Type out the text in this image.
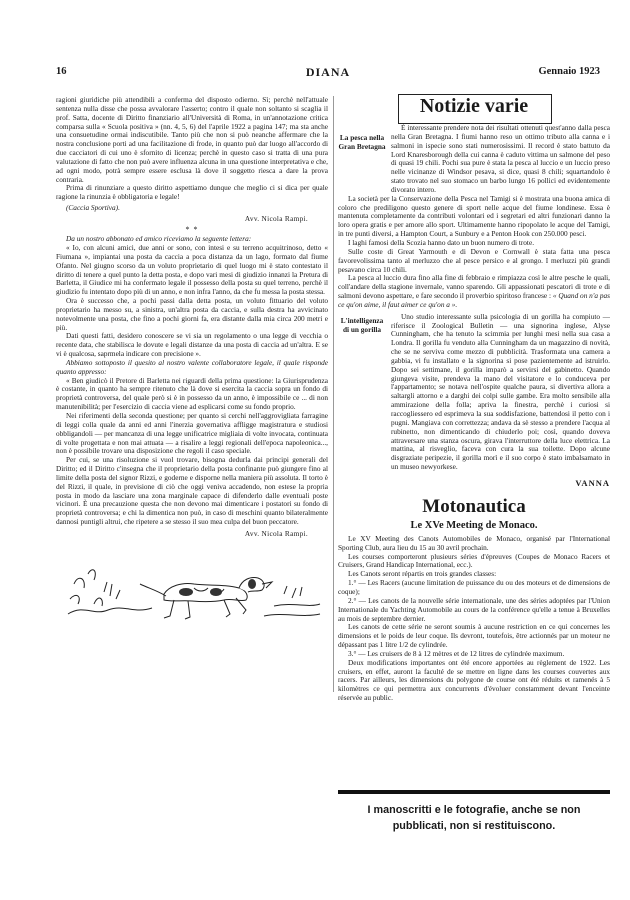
16	DIANA	Gennaio 1923

ragioni giuridiche più attendibili a conferma del disposto odierno. Sì; perchè nell'attuale sentenza nulla disse che possa avvalorare l'asserto; contro il quale non soltanto si scaglia il prof. Satta, docente di Diritto finanziario all'Università di Roma, in un'annotazione critica comparsa sulla « Scuola positiva » (nn. 4, 5, 6) del l'aprile 1922 a pagina 147; ma sta anche una consuetudine ormai indiscutibile. Tanto più che non si può neanche affermare che la nostra conclusione porti ad una facilitazione di frode, in quanto può dar luogo all'accordo di due cacciatori di cui uno è sfornito di licenza; perchè in questo caso si tratta di una pura valutazione di fatto che non può avere influenza alcuna in una questione interpretativa e che, ad ogni modo, potrà sempre essere esclusa là dove il soggetto riesca a dare la prova contraria.

Prima di rinunziare a questo diritto aspettiamo dunque che meglio ci si dica per quale ragione la rinunzia è obbligatoria e legale!

(Caccia Sportiva).
Avv. Nicola Rampi.
* *

Da un nostro abbonato ed amico riceviamo la seguente lettera:

« Io, con alcuni amici, due anni or sono, con intesi e su terreno acquitrinoso, detto « Fiumana », impiantai una posta da caccia a poca distanza da un lago, formato dal fiume Ofanto. Nel giugno scorso da un voluto proprietario di quel luogo mi è stato contestato il diritto di tenere a quel punto la detta posta, e dopo vari mesi di giudizio innanzi la Pretura di Barletta, il Giudice mi ha confermato legale il possesso della posta su quel terreno, perchè il giudizio fu intentato dopo più di un anno, e non infra l'anno, da che fu messa la posta stessa.

Ora è successo che, a pochi passi dalla detta posta, un voluto fittuario del voluto proprietario ha messo su, a sinistra, un'altra posta da caccia, e sulla destra ha avvicinato notevolmente una posta, che fino a pochi giorni fa, era distante dalla mia circa 200 metri e più.

Dati questi fatti, desidero conoscere se vi sia un regolamento o una legge di vecchia o recente data, che stabilisca le dovute e legali distanze da una posta di caccia ad un'altra. E se vi è qualcosa, saprmela indicare con precisione ».

Abbiamo sottoposto il quesito al nostro valente collaboratore legale, il quale risponde quanto appresso:

« Ben giudicò il Pretore di Barletta nei riguardi della prima questione: la Giurisprudenza è costante, in quanto ha sempre ritenuto che là dove si esercita la caccia sopra un fondo di proprietà controversa, del quale però si è in possesso da un anno, è impossibile ce ... di non manutenibilità; per l'esercizio di caccia viene ad esplicarsi come su fondo proprio.

Nei riferimenti della seconda questione; per quanto si cerchi nell'aggrovigliata farragine di leggi colla quale da anni ed anni l'inerzia governativa affligge magistratura e studiosi obbligandoli — per mancanza di una legge unificatrice migliaia di volte invocata, continuata di volte progettata e non mai attuata — a risalire a leggi regionali dell'epoca napoleonica..., non è possibile trovare una disposizione che regoli il caso speciale.

Per cui, se una risoluzione si vuol trovare, bisogna dedurla dai principi generali del Diritto; ed il Diritto c'insegna che il proprietario della posta confinante può giungere fino al limite della posta del signor Rizzi, e goderne e disporne nella maniera più assoluta. Il torto è del Rizzi, il quale, in previsione di ciò che oggi veniva accadendo, non estese la propria posta in modo da lasciare una zona marginale capace di difenderlo dalle eventuali poste vicinori. È una precauzione questa che non devono mai dimenticare i postatori su fondo di proprietà controversa; e chi la dimentica non può, in caso di meschini quanto bilateralmente dannosi puntigli altrui, che ripetere a se stesso il suo mea culpa del buon peccatore.

Avv. Nicola Rampi.
Notizie varie
La pesca nella Gran Bretagna

È interessante prendere nota dei risultati ottenuti quest'anno dalla pesca nella Gran Bretagna. I fiumi hanno reso un ottimo tributo alla canna e i salmoni in ispecie sono stati numerosissimi. Il record è stato battuto da Lord Knaresborough della cui canna è caduto vittima un salmone del peso di quasi 19 chili. Pochi sua pure è stata la pesca al luccio e un luccio preso nelle vicinanze di Windsor pesava, si dice, quasi 8 chili; squartandolo è stato trovato nel suo stomaco un barbo lungo 16 pollici ed evidentemente divorato intero.

La società per la Conservazione della Pesca nel Tamigi si è mostrata una buona amica di coloro che prediligono questo genere di sport nelle acque del fiume londinese. Essa è mantenuta completamente da contributi volontari ed i segretari ed altri funzionari danno la loro opera gratis e per amore allo sport. Ultimamente hanno ripopolato le acque del Tamigi, in tre punti diversi, a Hampton Court, a Sunbury e a Penton Hook con 250.000 pesci.

I laghi famosi della Scozia hanno dato un buon numero di trote.

Sulle coste di Great Yarmouth e di Devon e Cornwall è stata fatta una pesca favorevolissima tanto al merluzzo che al pesce persico e al grongo. I merluzzi più grandi pesavano circa 10 chili.

La pesca al luccio dura fino alla fine di febbraio e rimpiazza così le altre pesche le quali, coll'andare della stagione invernale, vanno sparendo. Gli appassionati pescatori di trote e di salmoni devono aspettare, e fare secondo il proverbio spiritoso francese : « Quand on n'a pas ce qu'on aime, il faut aimer ce qu'on a ».

L'intelligenza di un gorilla

Uno studio interessante sulla psicologia di un gorilla ha compiuto — riferisce il Zoological Bulletin — una signorina inglese, Alyse Cunningham, che ha tenuto la scimmia per lunghi mesi nella sua casa a Londra. Il gorilla fu venduto alla Cunningham da un magazzino di novità, che se ne serviva come mezzo di pubblicità. Trasformata una camera a gabbia, vi fu installato e la signorina si pose pazientemente ad istruirlo. Dopo sei settimane, il gorilla imparò a servirsi del gabinetto. Quando giungeva visite, prendeva la mano del visitatore e lo conduceva per l'appartamento; se notava nell'ospite qualche paura, si divertiva allora a saltargli attorno e a darghi dei colpi sulle gambe. Era molto sensibile alla ammirazione della folla; apriva la finestra, perchè i curiosi si raccogliessero ed esprimeva la sua soddisfazione, battendosi il petto con i pugni. Mangiava con correttezza; andava da sè stesso a prendere l'acqua al rubinetto, non dimenticando di chiuderlo poi; così, quando doveva attraversare una stanza oscura, girava l'interruttore della luce elettrica. La mattina, al risveglio, faceva con cura la sua toilette. Dopo alcune disgraziate peripezie, il gorilla morì e il suo corpo è stato imbalsamato in un museo newyorkese.

VANNA
Motonautica
Le XVe Meeting de Monaco.

Le XV Meeting des Canots Automobiles de Monaco, organisé par l'International Sporting Club, aura lieu du 15 au 30 avril prochain.

Les courses comporteront plusieurs séries d'épreuves (Coupes de Monaco Racers et Cruisers, Grand Handicap International, ecc.).

Les Canots seront répartis en trois grandes classes:

1.° — Les Racers (aucune limitation de puissance du ou des moteurs et de dimensions de coque);

2.° — Les canots de la nouvelle série internationale, une des séries adoptées par l'Union Internationale du Yachting Automobile au cours de la conférence qu'elle a tenue à Bruxelles au mois de septembre dernier.

Les canots de cette série ne seront soumis à aucune restriction en ce qui concernes les dimensions et le poids de leur coque. Ils devront, toutefois, être actionnés par un moteur ne dépassant pas 1 litre 1/2 de cylindrée.

3.° — Les cruisers de 8 à 12 mètres et de 12 litres de cylindrée maximum.

Deux modifications importantes ont été encore apportées au règlement de 1922. Les cruisers, en effet, auront la faculté de se mettre en ligne dans les courses couvertes aux racers. Par ailleurs, les dimensions du polygone de course ont été réduits et ramenés à 5 kilomètres ce qui permettra aux concurrents d'évoluer constamment devant l'enceinte réservée au public.

I manoscritti e le fotografie, anche se non
pubblicati, non si restituiscono.
